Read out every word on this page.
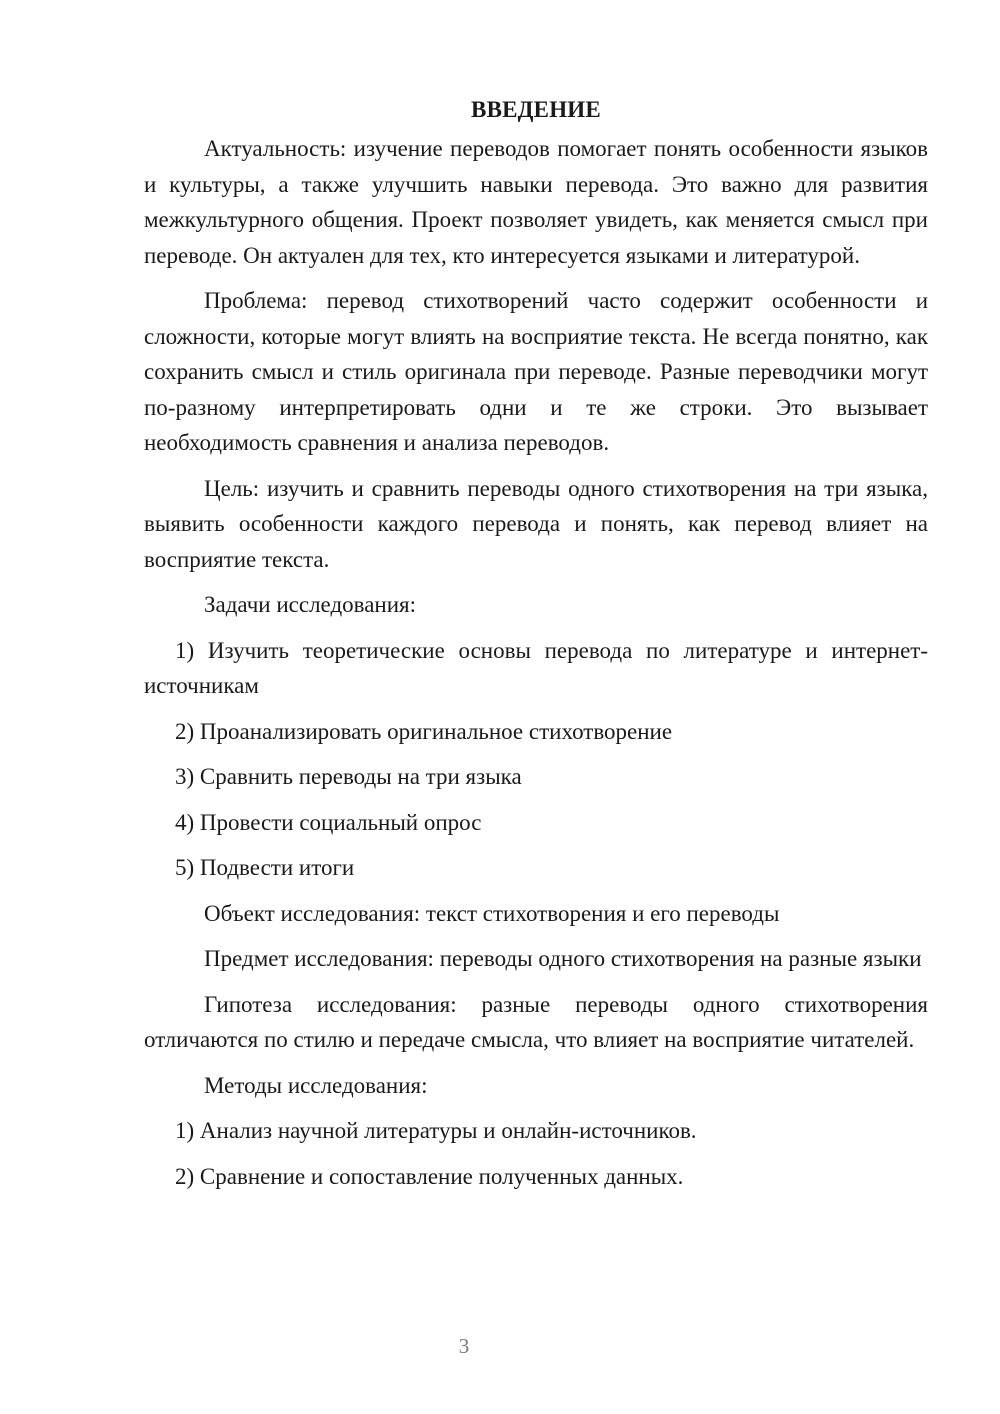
ВВЕДЕНИЕ

Актуальность: изучение переводов помогает понять особенности языков и культуры, а также улучшить навыки перевода. Это важно для развития межкультурного общения. Проект позволяет увидеть, как меняется смысл при переводе. Он актуален для тех, кто интересуется языками и литературой.

Проблема: перевод стихотворений часто содержит особенности и сложности, которые могут влиять на восприятие текста. Не всегда понятно, как сохранить смысл и стиль оригинала при переводе. Разные переводчики могут по-разному интерпретировать одни и те же строки. Это вызывает необходимость сравнения и анализа переводов.

Цель: изучить и сравнить переводы одного стихотворения на три языка, выявить особенности каждого перевода и понять, как перевод влияет на восприятие текста.

Задачи исследования:

1) Изучить теоретические основы перевода по литературе и интернет-источникам

2) Проанализировать оригинальное стихотворение

3) Сравнить переводы на три языка

4) Провести социальный опрос

5) Подвести итоги

Объект исследования: текст стихотворения и его переводы

Предмет исследования: переводы одного стихотворения на разные языки

Гипотеза исследования: разные переводы одного стихотворения отличаются по стилю и передаче смысла, что влияет на восприятие читателей.

Методы исследования:

1) Анализ научной литературы и онлайн-источников.

2) Сравнение и сопоставление полученных данных.

3
